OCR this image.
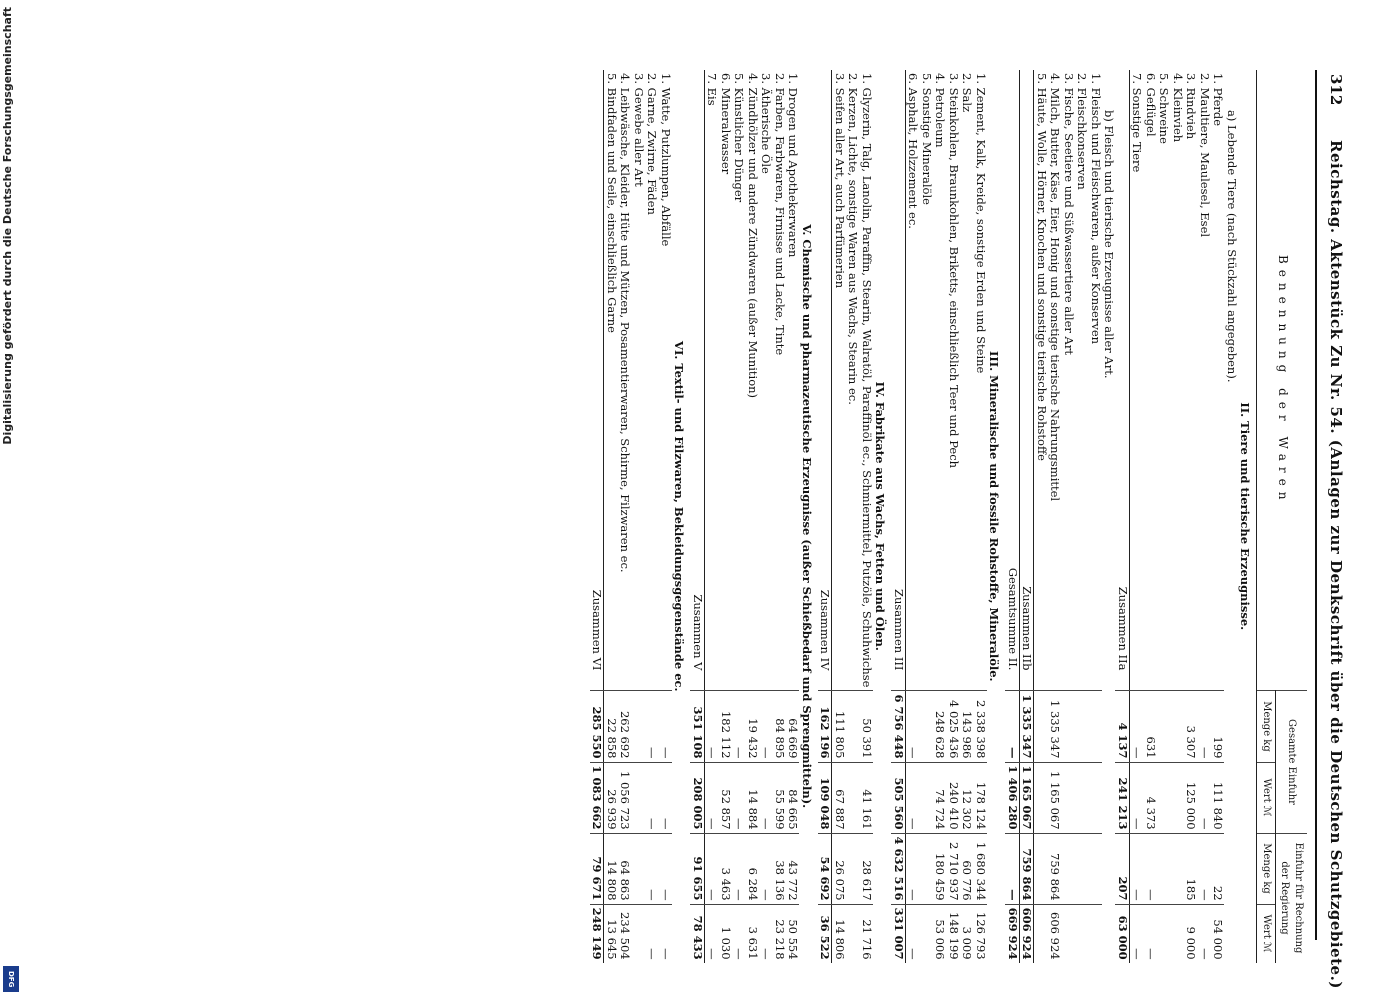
Digitalisierung gefördert durch die Deutsche Forschungsgemeinschaft
DFG
312
Reichstag. Aktenstück Zu Nr. 54. (Anlagen zur Denkschrift über die Deutschen Schutzgebiete.)
Benennung der Waren	Gesamte Einfuhr		Einfuhr für Rechnung der Regierung	
	Menge kg	Wert ℳ	Menge kg	Wert ℳ
II. Tiere und tierische Erzeugnisse.				
a) Lebende Tiere (nach Stückzahl angegeben).				
1. Pferde	199	111 840	22	54 000
2. Maultiere, Maulesel, Esel	—	—	—	—
3. Rindvieh	3 307	125 000	185	9 000
4. Kleinvieh				
5. Schweine				
6. Geflügel	631	4 373	—	—
7. Sonstige Tiere	—	—	—	—
Zusammen IIa	4 137	241 213	207	63 000
b) Fleisch und tierische Erzeugnisse aller Art.				
1. Fleisch und Fleischwaren, außer Konserven				
2. Fleischkonserven				
3. Fische, Seetiere und Süßwassertiere aller Art				
4. Milch, Butter, Käse, Eier, Honig und sonstige tierische Nahrungsmittel	1 335 347	1 165 067	759 864	606 924
5. Häute, Wolle, Hörner, Knochen und sonstige tierische Rohstoffe				
Zusammen IIb	1 335 347	1 165 067	759 864	606 924
Gesamtsumme II.	—	1 406 280	—	669 924
III. Mineralische und fossile Rohstoffe, Mineralöle.				
1. Zement, Kalk, Kreide, sonstige Erden und Steine	2 338 398	178 124	1 680 344	126 793
2. Salz	143 986	12 302	60 776	3 009
3. Steinkohlen, Braunkohlen, Briketts, einschließlich Teer und Pech	4 025 436	240 410	2 710 937	148 199
4. Petroleum	248 628	74 724	180 459	53 006
5. Sonstige Mineralöle				
6. Asphalt, Holzzement ec.	—	—	—	—
Zusammen III	6 756 448	505 560	4 632 516	331 007
IV. Fabrikate aus Wachs, Fetten und Ölen.				
1. Glyzerin, Talg, Lanolin, Paraffin, Stearin, Walratöl, Paraffinöl ec., Schmiermittel, Putzöle, Schuhwichse	50 391	41 161	28 617	21 716
2. Kerzen, Lichte, sonstige Waren aus Wachs, Stearin ec.				
3. Seifen aller Art, auch Parfümerien	111 805	67 887	26 075	14 806
Zusammen IV	162 196	109 048	54 692	36 522
V. Chemische und pharmazeutische Erzeugnisse (außer Schießbedarf und Sprengmitteln).				
1. Drogen und Apothekerwaren	64 669	84 665	43 772	50 554
2. Farben, Farbwaren, Firnisse und Lacke, Tinte	84 895	55 599	38 136	23 218
3. Ätherische Öle	—	—	—	—
4. Zündhölzer und andere Zündwaren (außer Munition)	19 432	14 884	6 284	3 631
5. Künstlicher Dünger	—	—	—	—
6. Mineralwasser	182 112	52 857	3 463	1 030
7. Eis	—	—	—	—
Zusammen V	351 108	208 005	91 655	78 433
VI. Textil- und Filzwaren, Bekleidungsgegenstände ec.				
1. Watte, Putzlumpen, Abfälle	—	—	—	—
2. Garne, Zwirne, Fäden	—	—	—	—
3. Gewebe aller Art				
4. Leibwäsche, Kleider, Hüte und Mützen, Posamentierwaren, Schirme, Filzwaren ec.	262 692	1 056 723	64 863	234 504
5. Bindfaden und Seile, einschließlich Garne	22 858	26 939	14 808	13 645
Zusammen VI	285 550	1 083 662	79 671	248 149
